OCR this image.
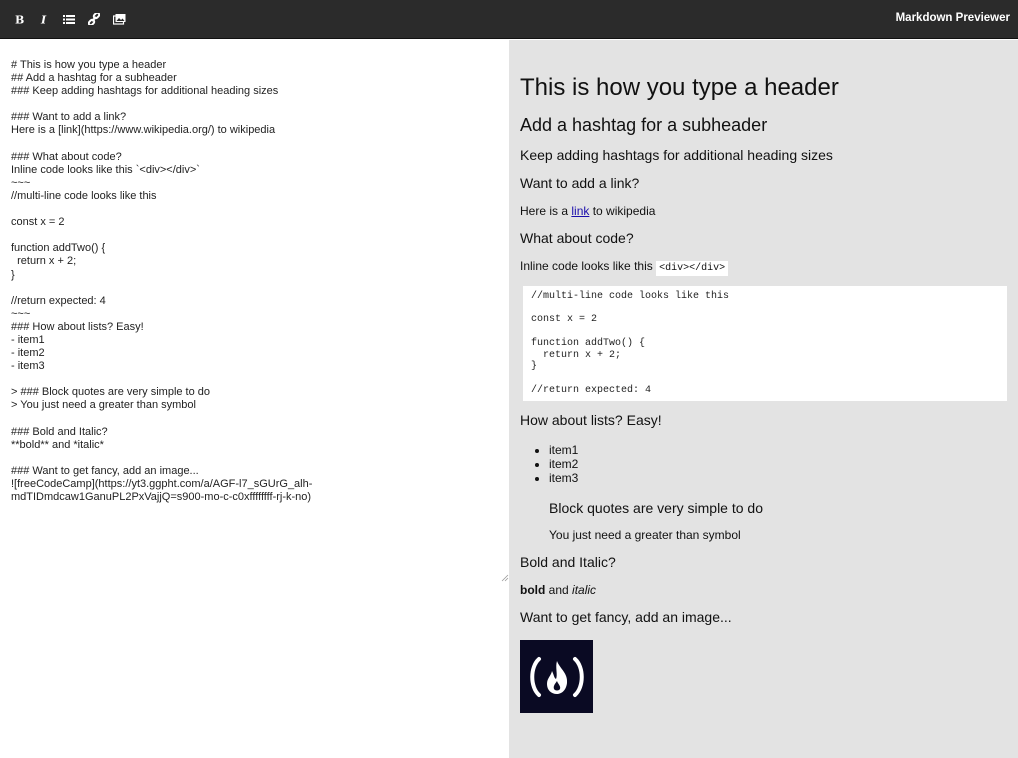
B I	Markdown Previewer
# This is how you type a header ## Add a hashtag for a subheader ### Keep adding hashtags for additional heading sizes ### Want to add a link? Here is a [link](https://www.wikipedia.org/) to wikipedia ### What about code? Inline code looks like this `<div></div>` ~~~ //multi-line code looks like this const x = 2 function addTwo() { return x + 2; } //return expected: 4 ~~~ ### How about lists? Easy! - item1 - item2 - item3 > ### Block quotes are very simple to do > You just need a greater than symbol ### Bold and Italic? **bold** and *italic* ### Want to get fancy, add an image... ![freeCodeCamp](https://yt3.ggpht.com/a/AGF-l7_sGUrG_alh-mdTIDmdcaw1GanuPL2PxVajjQ=s900-mo-c-c0xffffffff-rj-k-no)
This is how you type a header
Add a hashtag for a subheader
Keep adding hashtags for additional heading sizes
Want to add a link?

Here is a link to wikipedia

What about code?

Inline code looks like this <div></div>

//multi-line code looks like this

const x = 2

function addTwo() {
return x + 2;
}

//return expected: 4
How about lists? Easy!
• item1
• item2
• item3
Block quotes are very simple to do

You just need a greater than symbol

Bold and Italic?

bold and italic

Want to get fancy, add an image...
